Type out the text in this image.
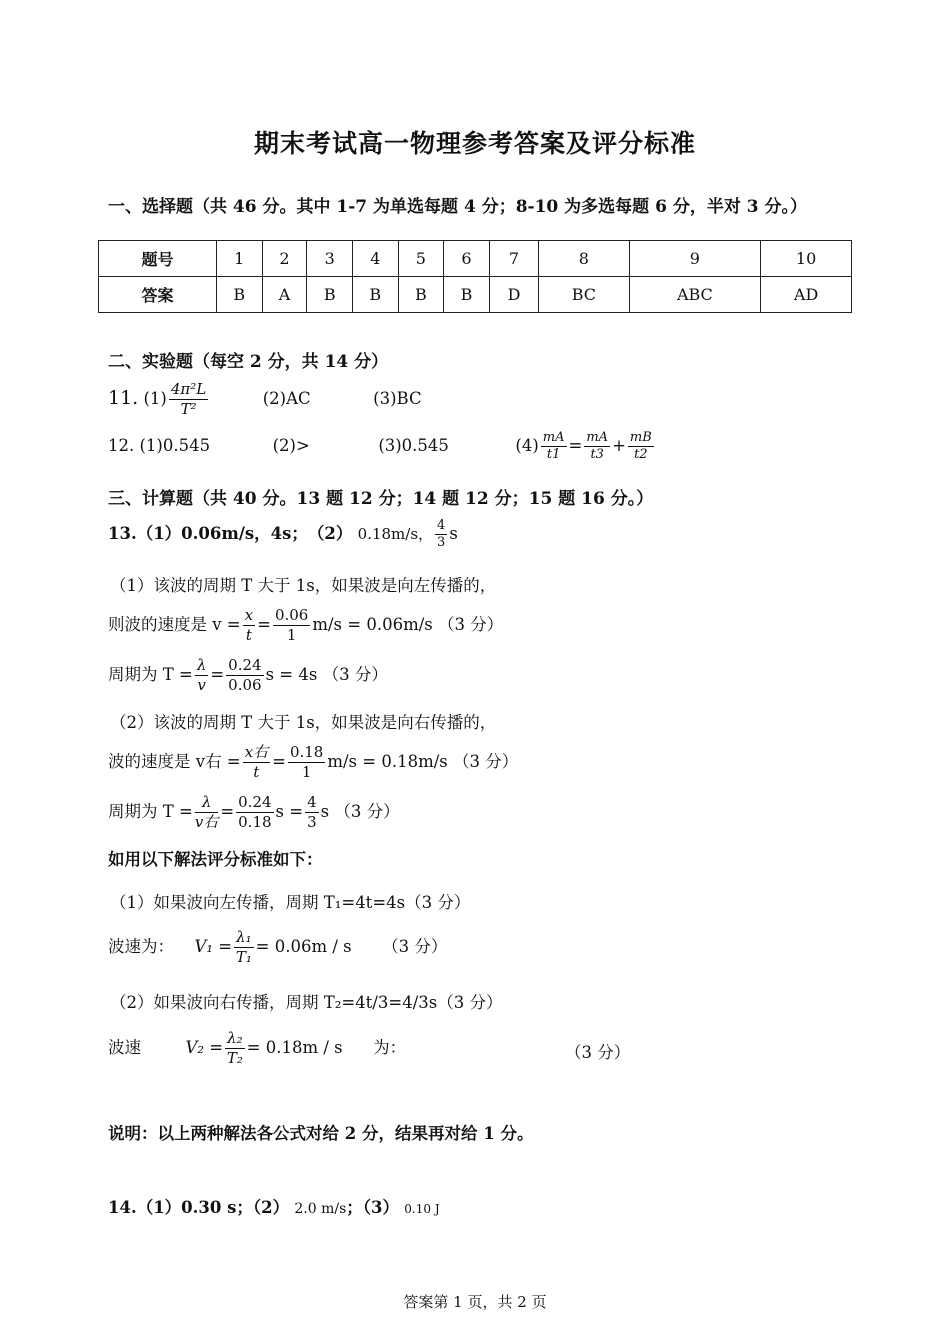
期末考试高一物理参考答案及评分标准
一、选择题（共 46 分。其中 1-7 为单选每题 4 分；8-10 为多选每题 6 分，半对 3 分。）
题号	1	2	3	4	5	6	7	8	9	10
答案	B	A	B	B	B	B	D	BC	ABC	AD
二、实验题（每空 2 分，共 14 分）
11. $(1) \frac{\text{4π²L}}{\text{T²}}$	(2)AC	(3)BC
12. (1)0.545	(2)>	(3)0.545	$(4) \frac{mA}{t1} = \frac{mA}{t3} + \frac{mB}{t2}$
三、计算题（共 40 分。13 题 12 分；14 题 12 分；15 题 16 分。）
13.（1）0.06m/s，4s；　（2） 0.18m/s， $\frac{4}{3}$ s
（1）该波的周期 T 大于 1s，如果波是向左传播的，
则波的速度是 $v = \frac{x}{t} = \frac{0.06}{1} m/s = 0.06m/s$ （3 分）
周期为 $T = \frac{\lambda}{v} = \frac{0.24}{0.06}$ s = 4s （3 分）
（2）该波的周期 T 大于 1s，如果波是向右传播的，
波的速度是 v右 = $\frac{\text{x右}}{t} = \frac{0.18}{1} m/s = 0.18m/s$ （3 分）
周期为 $T = \frac{\lambda}{\text{v右}} = \frac{0.24}{0.18}$ $s = \frac{4}{3}$ s （3 分）
如用以下解法评分标准如下：
（1）如果波向左传播，周期 T₁=4t=4s（3 分）
波速为： $V_1 = \frac{\text{λ₁}}{\text{T₁}} = 0.06m / s$ （3 分）
（2）如果波向右传播，周期 T₂=4t/3=4/3s（3 分）
波速	$V_2 = \frac{\text{λ₂}}{\text{T₂}} = 0.18m / s$ 为：	（3 分）
说明：以上两种解法各公式对给 2 分，结果再对给 1 分。
14.（1）0.30 s；（2） 2.0 m/s；（3） 0.10 J
答案第 1 页，共 2 页
